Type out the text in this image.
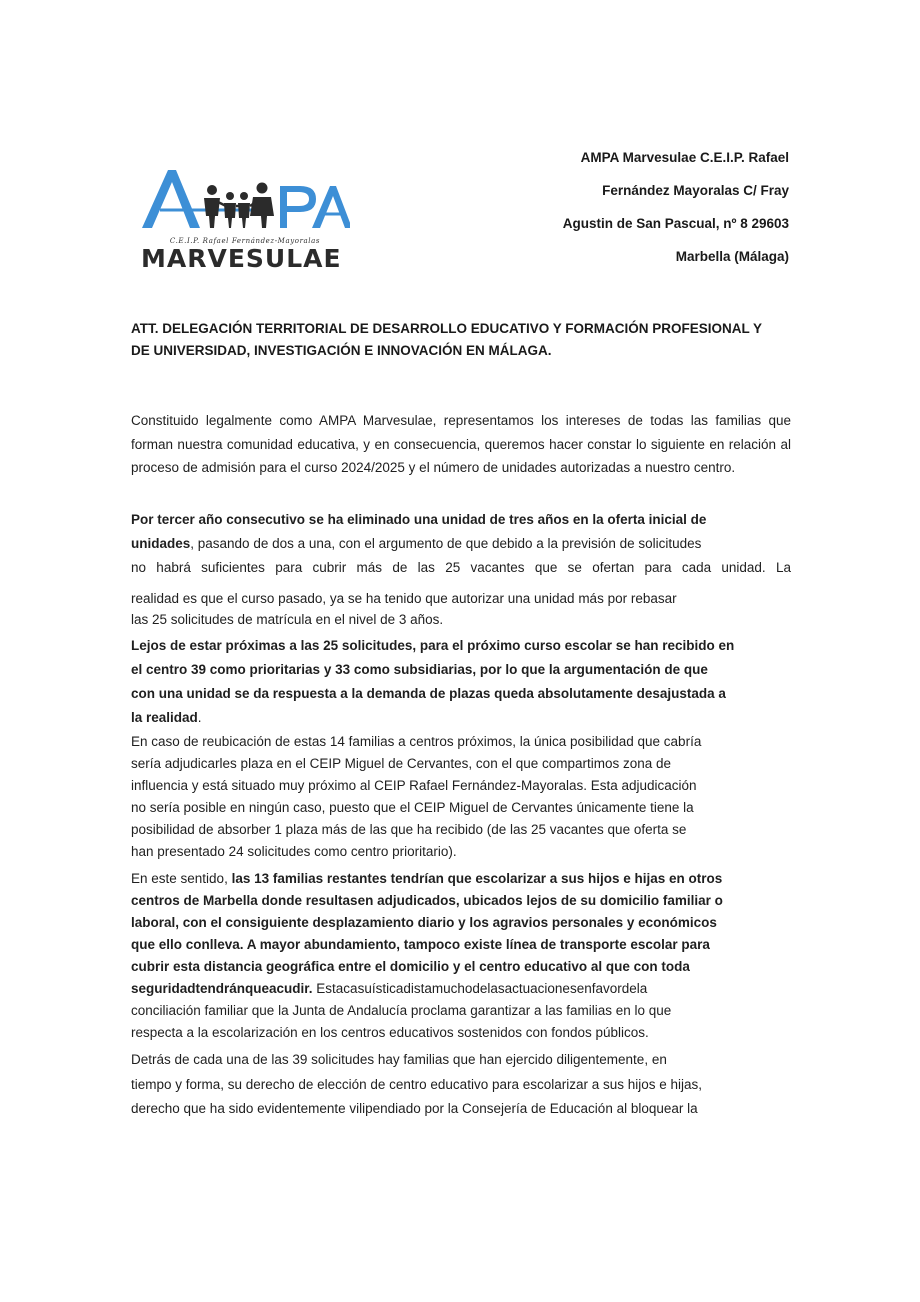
A
C.E.I.P. Rafael Fernández-Mayoralas
MARVESULAE
AMPA Marvesulae C.E.I.P. Rafael
Fernández Mayoralas C/ Fray
Agustin de San Pascual, nº 8 29603
Marbella (Málaga)
ATT. DELEGACIÓN TERRITORIAL DE DESARROLLO EDUCATIVO Y FORMACIÓN PROFESIONAL Y
DE UNIVERSIDAD, INVESTIGACIÓN E INNOVACIÓN EN MÁLAGA.
Constituido legalmente como AMPA Marvesulae, representamos los intereses de todas las familias que forman nuestra comunidad educativa, y en consecuencia, queremos hacer constar lo siguiente en relación al proceso de admisión para el curso 2024/2025 y el número de unidades autorizadas a nuestro centro.
Por tercer año consecutivo se ha eliminado una unidad de tres años en la oferta inicial de
unidades, pasando de dos a una, con el argumento de que debido a la previsión de solicitudes
no habrá suficientes para cubrir más de las 25 vacantes que se ofertan para cada unidad. La
realidad es que el curso pasado, ya se ha tenido que autorizar una unidad más por rebasar
las 25 solicitudes de matrícula en el nivel de 3 años.
Lejos de estar próximas a las 25 solicitudes, para el próximo curso escolar se han recibido en
el centro 39 como prioritarias y 33 como subsidiarias, por lo que la argumentación de que
con una unidad se da respuesta a la demanda de plazas queda absolutamente desajustada a
la realidad.
En caso de reubicación de estas 14 familias a centros próximos, la única posibilidad que cabría
sería adjudicarles plaza en el CEIP Miguel de Cervantes, con el que compartimos zona de
influencia y está situado muy próximo al CEIP Rafael Fernández-Mayoralas. Esta adjudicación
no sería posible en ningún caso, puesto que el CEIP Miguel de Cervantes únicamente tiene la
posibilidad de absorber 1 plaza más de las que ha recibido (de las 25 vacantes que oferta se
han presentado 24 solicitudes como centro prioritario).
En este sentido, las 13 familias restantes tendrían que escolarizar a sus hijos e hijas en otros
centros de Marbella donde resultasen adjudicados, ubicados lejos de su domicilio familiar o
laboral, con el consiguiente desplazamiento diario y los agravios personales y económicos
que ello conlleva. A mayor abundamiento, tampoco existe línea de transporte escolar para
cubrir esta distancia geográfica entre el domicilio y el centro educativo al que con toda
seguridadtendránqueacudir. Estacasuísticadistamuchodelasactuacionesenfavordela
conciliación familiar que la Junta de Andalucía proclama garantizar a las familias en lo que
respecta a la escolarización en los centros educativos sostenidos con fondos públicos.
Detrás de cada una de las 39 solicitudes hay familias que han ejercido diligentemente, en
tiempo y forma, su derecho de elección de centro educativo para escolarizar a sus hijos e hijas,
derecho que ha sido evidentemente vilipendiado por la Consejería de Educación al bloquear la
